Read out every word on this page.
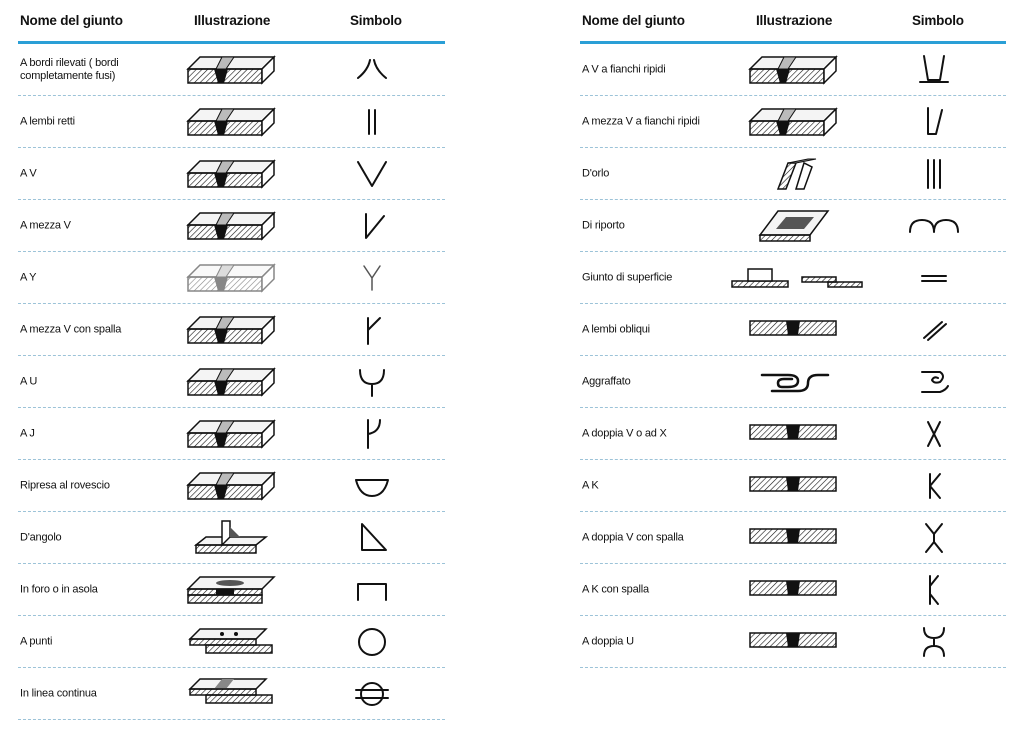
Nome del giunto	Illustrazione	Simbolo
A bordi rilevati ( bordi completamente fusi)
A lembi retti
A V
A mezza V
A Y
A mezza V con spalla
A U
A J
Ripresa al rovescio
D'angolo
In foro o in asola
A punti
In linea continua
Nome del giunto	Illustrazione	Simbolo
A V a fianchi ripidi
A mezza V a fianchi ripidi
D'orlo
Di riporto
Giunto di superficie
A lembi obliqui
Aggraffato
A doppia V o ad X
A K
A doppia V con spalla
A K con spalla
A doppia U
